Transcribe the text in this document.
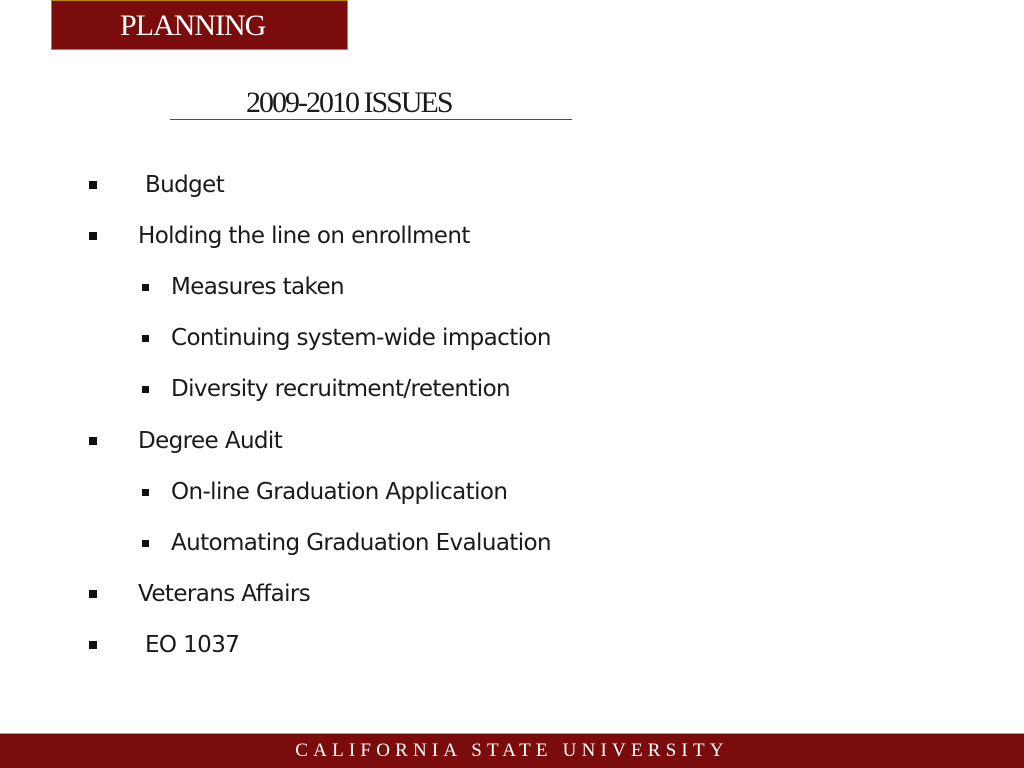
PLANNING
2009-2010 ISSUES
Budget
Holding the line on enrollment
Measures taken
Continuing system-wide impaction
Diversity recruitment/retention
Degree Audit
On-line Graduation Application
Automating Graduation Evaluation
Veterans Affairs
EO 1037
CALIFORNIA STATE UNIVERSITY
